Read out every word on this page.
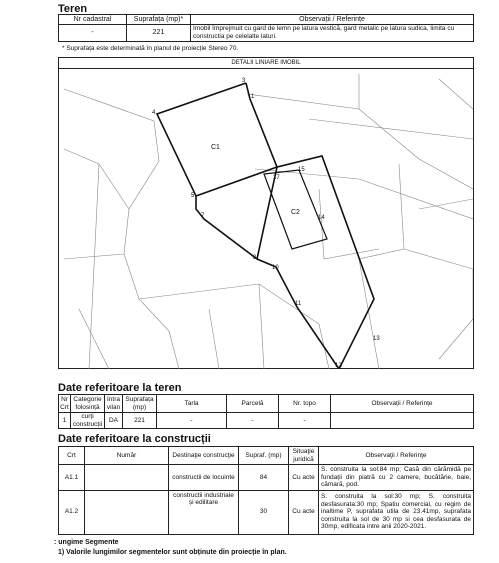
Teren
Nr cadastral	Suprafața (mp)*	Observații / Referințe
-	221	Imobil împrejmuit cu gard de lemn pe latura vestică, gard metalic pe latura sudica, limita cu constructia pe celelalte laturi.
* Suprafața este determinată în planul de proiecție Stereo 70.
DETALII LINIARE IMOBIL
1
3
4
5
7
8
10
11
12
13
14
15
17
C1
C2
Date referitoare la teren
Nr Crt	Categorie folosință	Intra vilan	Suprafața (mp)	Tarla	Parcelă	Nr. topo	Observații / Referințe
1	curți construcții	DA	221	-	-	-	
Date referitoare la construcții
Crt	Număr	Destinaţie construcţie	Supraf. (mp)	Situaţie juridică	Observaţii / Referinţe
A1.1		constructii de locuinte	84	Cu acte	S. construita la sol:84 mp; Casă din cărămidă pe fundații din piatră cu 2 camere, bucătărie, baie, cămară, pod.
A1.2		constructii industriale și edilitare	30	Cu acte	S. construita la sol:30 mp; S. construita desfasurata:30 mp; Spatiu comercial, cu regim de inaltime P, suprafata utila de 23.41mp, suprafata construita la sol de 30 mp si cea desfasurata de 30mp, edificata intre anii 2020-2021.
: ungime Segmente
1) Valorile lungimilor segmentelor sunt obținute din proiecție în plan.
